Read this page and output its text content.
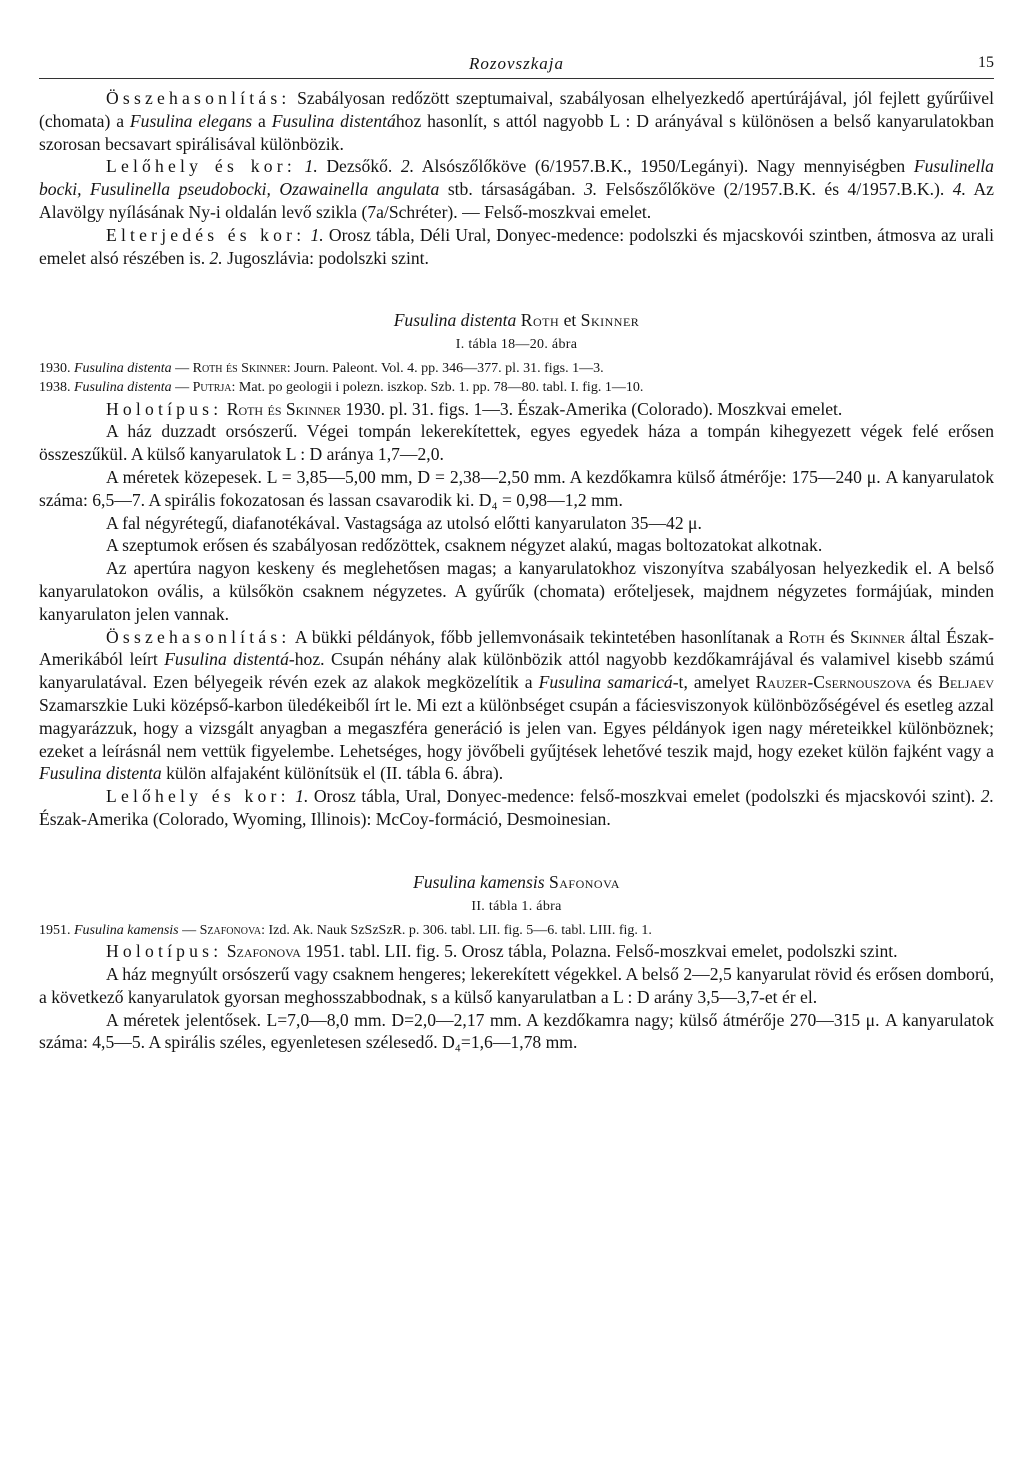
Rozovszkaja	15

Összehasonlítás: Szabályosan redőzött szeptumaival, szabályosan elhelyezkedő apertúrájával, jól fejlett gyűrűivel (chomata) a Fusulina elegans a Fusulina distentához hasonlít, s attól nagyobb L : D arányával s különösen a belső kanyarulatokban szorosan becsavart spirálisával különbözik.

Lelőhely és kor: 1. Dezsőkő. 2. Alsószőlőköve (6/1957.B.K., 1950/Legányi). Nagy mennyiségben Fusulinella bocki, Fusulinella pseudobocki, Ozawainella angulata stb. társaságában. 3. Felsőszőlőköve (2/1957.B.K. és 4/1957.B.K.). 4. Az Alavölgy nyílásának Ny-i oldalán levő szikla (7a/Schréter). — Felső-moszkvai emelet.

Elterjedés és kor: 1. Orosz tábla, Déli Ural, Donyec-medence: podolszki és mjacskovói szintben, átmosva az urali emelet alsó részében is. 2. Jugoszlávia: podolszki szint.

Fusulina distenta Roth et Skinner
I. tábla 18—20. ábra

1930. Fusulina distenta — Roth és Skinner: Journ. Paleont. Vol. 4. pp. 346—377. pl. 31. figs. 1—3.

1938. Fusulina distenta — Putrja: Mat. po geologii i polezn. iszkop. Szb. 1. pp. 78—80. tabl. I. fig. 1—10.

Holotípus: Roth és Skinner 1930. pl. 31. figs. 1—3. Észak-Amerika (Colorado). Moszkvai emelet.

A ház duzzadt orsószerű. Végei tompán lekerekítettek, egyes egyedek háza a tompán kihegyezett végek felé erősen összeszűkül. A külső kanyarulatok L : D aránya 1,7—2,0.

A méretek közepesek. L = 3,85—5,00 mm, D = 2,38—2,50 mm. A kezdőkamra külső átmérője: 175—240 μ. A kanyarulatok száma: 6,5—7. A spirális fokozatosan és lassan csavarodik ki. D₄ = 0,98—1,2 mm.

A fal négyrétegű, diafanotékával. Vastagsága az utolsó előtti kanyarulaton 35—42 μ.

A szeptumok erősen és szabályosan redőzöttek, csaknem négyzet alakú, magas boltozatokat alkotnak.

Az apertúra nagyon keskeny és meglehetősen magas; a kanyarulatokhoz viszonyítva szabályosan helyezkedik el. A belső kanyarulatokon ovális, a külsőkön csaknem négyzetes. A gyűrűk (chomata) erőteljesek, majdnem négyzetes formájúak, minden kanyarulaton jelen vannak.

Összehasonlítás: A bükki példányok, főbb jellemvonásaik tekintetében hasonlítanak a Roth és Skinner által Észak-Amerikából leírt Fusulina distentá-hoz. Csupán néhány alak különbözik attól nagyobb kezdőkamrájával és valamivel kisebb számú kanyarulatával. Ezen bélyegeik révén ezek az alakok megközelítik a Fusulina samaricá-t, amelyet Rauzer-Csernouszova és Beljaev Szamarszkie Luki középső-karbon üledékeiből írt le. Mi ezt a különbséget csupán a fáciesviszonyok különbözőségével és esetleg azzal magyarázzuk, hogy a vizsgált anyagban a megaszféra generáció is jelen van. Egyes példányok igen nagy méreteikkel különböznek; ezeket a leírásnál nem vettük figyelembe. Lehetséges, hogy jövőbeli gyűjtések lehetővé teszik majd, hogy ezeket külön fajként vagy a Fusulina distenta külön alfajaként különítsük el (II. tábla 6. ábra).

Lelőhely és kor: 1. Orosz tábla, Ural, Donyec-medence: felső-moszkvai emelet (podolszki és mjacskovói szint). 2. Észak-Amerika (Colorado, Wyoming, Illinois): McCoy-formáció, Desmoinesian.

Fusulina kamensis Safonova
II. tábla 1. ábra

1951. Fusulina kamensis — Szafonova: Izd. Ak. Nauk SzSzSzR. p. 306. tabl. LII. fig. 5—6. tabl. LIII. fig. 1.

Holotípus: Szafonova 1951. tabl. LII. fig. 5. Orosz tábla, Polazna. Felső-moszkvai emelet, podolszki szint.

A ház megnyúlt orsószerű vagy csaknem hengeres; lekerekített végekkel. A belső 2—2,5 kanyarulat rövid és erősen domború, a következő kanyarulatok gyorsan meghosszabbodnak, s a külső kanyarulatban a L : D arány 3,5—3,7-et ér el.

A méretek jelentősek. L=7,0—8,0 mm. D=2,0—2,17 mm. A kezdőkamra nagy; külső átmérője 270—315 μ. A kanyarulatok száma: 4,5—5. A spirális széles, egyenletesen szélesedő. D₄=1,6—1,78 mm.
